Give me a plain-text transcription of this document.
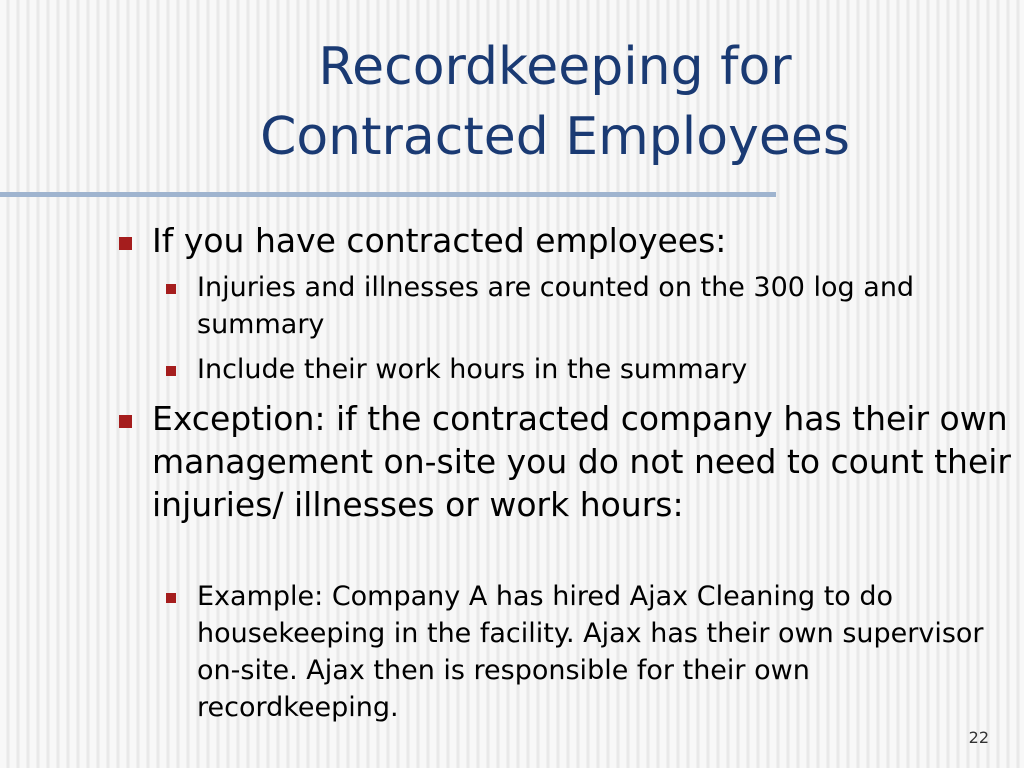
Recordkeeping for
Contracted Employees
If you have contracted employees:
Injuries and illnesses are counted on the 300 log and summary
Include their work hours in the summary
Exception: if the contracted company has their own management on-site you do not need to count their injuries/ illnesses or work hours:
Example: Company A has hired Ajax Cleaning to do housekeeping in the facility. Ajax has their own supervisor on-site. Ajax then is responsible for their own recordkeeping.
22
